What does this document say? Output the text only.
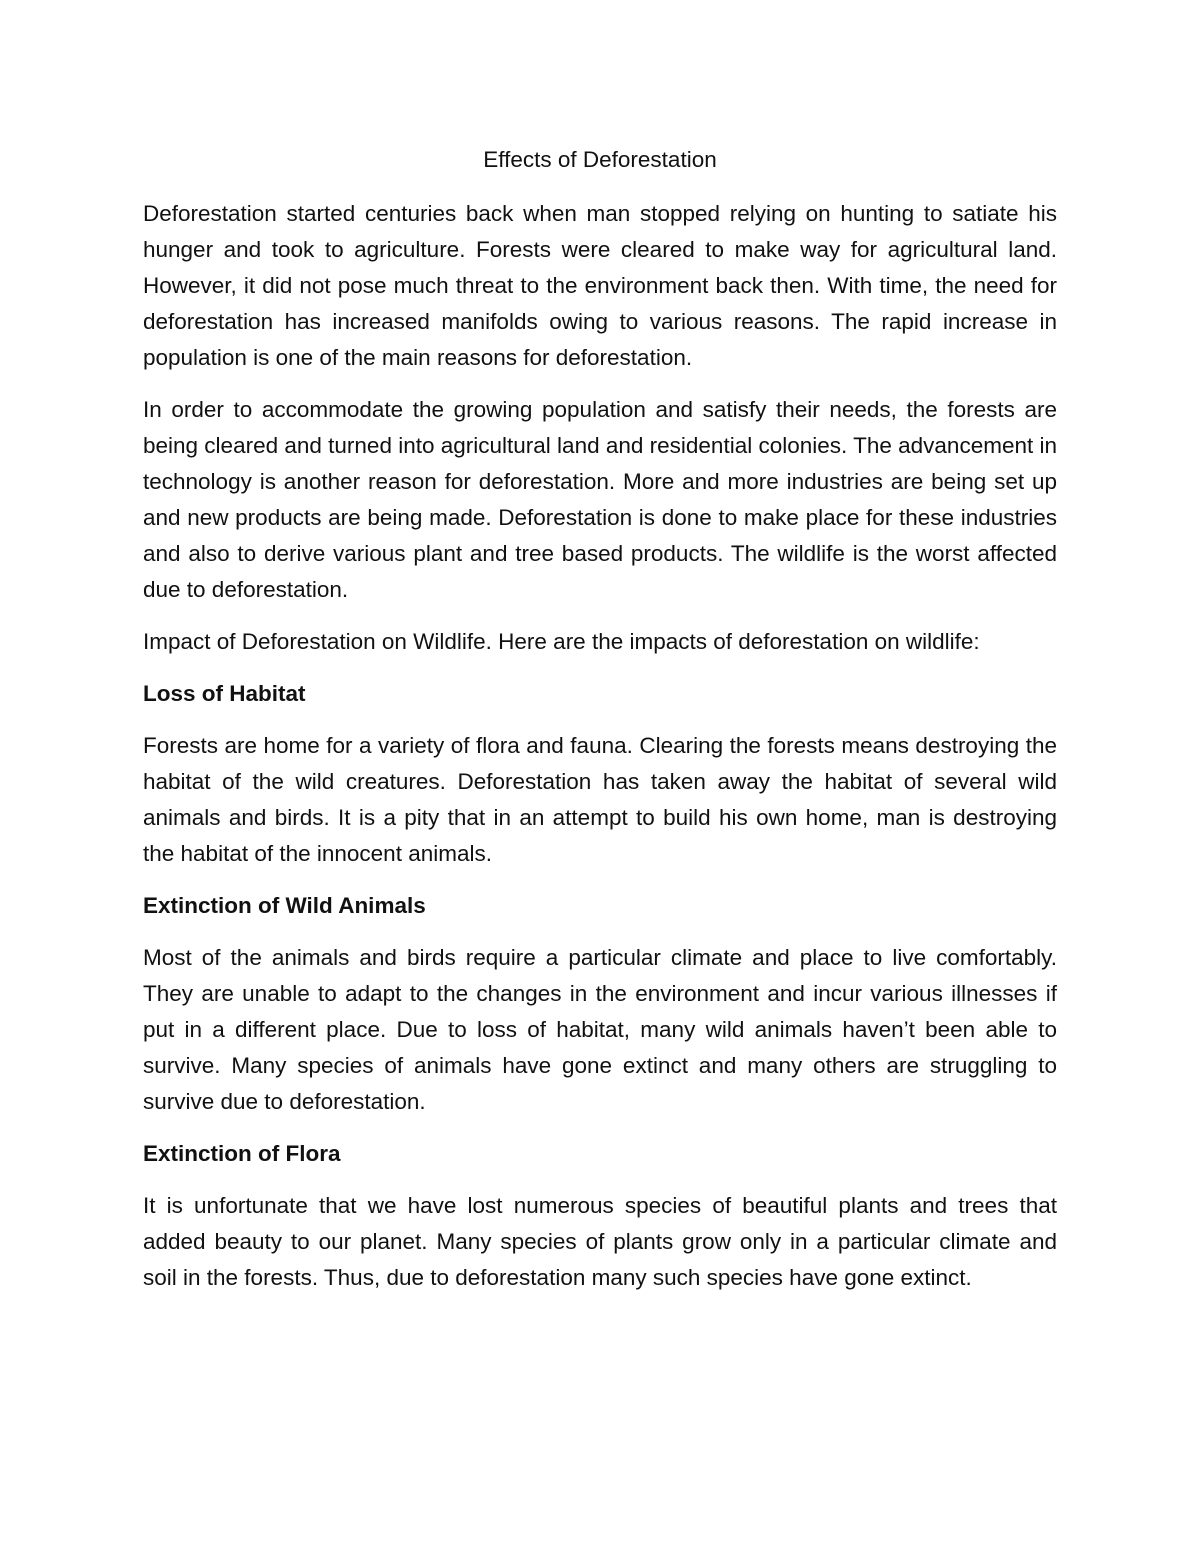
Effects of Deforestation

Deforestation started centuries back when man stopped relying on hunting to satiate his hunger and took to agriculture. Forests were cleared to make way for agricultural land. However, it did not pose much threat to the environment back then. With time, the need for deforestation has increased manifolds owing to various reasons. The rapid increase in population is one of the main reasons for deforestation.

In order to accommodate the growing population and satisfy their needs, the forests are being cleared and turned into agricultural land and residential colonies. The advancement in technology is another reason for deforestation. More and more industries are being set up and new products are being made. Deforestation is done to make place for these industries and also to derive various plant and tree based products. The wildlife is the worst affected due to deforestation.

Impact of Deforestation on Wildlife. Here are the impacts of deforestation on wildlife:

Loss of Habitat

Forests are home for a variety of flora and fauna. Clearing the forests means destroying the habitat of the wild creatures. Deforestation has taken away the habitat of several wild animals and birds. It is a pity that in an attempt to build his own home, man is destroying the habitat of the innocent animals.

Extinction of Wild Animals

Most of the animals and birds require a particular climate and place to live comfortably. They are unable to adapt to the changes in the environment and incur various illnesses if put in a different place. Due to loss of habitat, many wild animals haven’t been able to survive. Many species of animals have gone extinct and many others are struggling to survive due to deforestation.

Extinction of Flora

It is unfortunate that we have lost numerous species of beautiful plants and trees that added beauty to our planet. Many species of plants grow only in a particular climate and soil in the forests. Thus, due to deforestation many such species have gone extinct.
